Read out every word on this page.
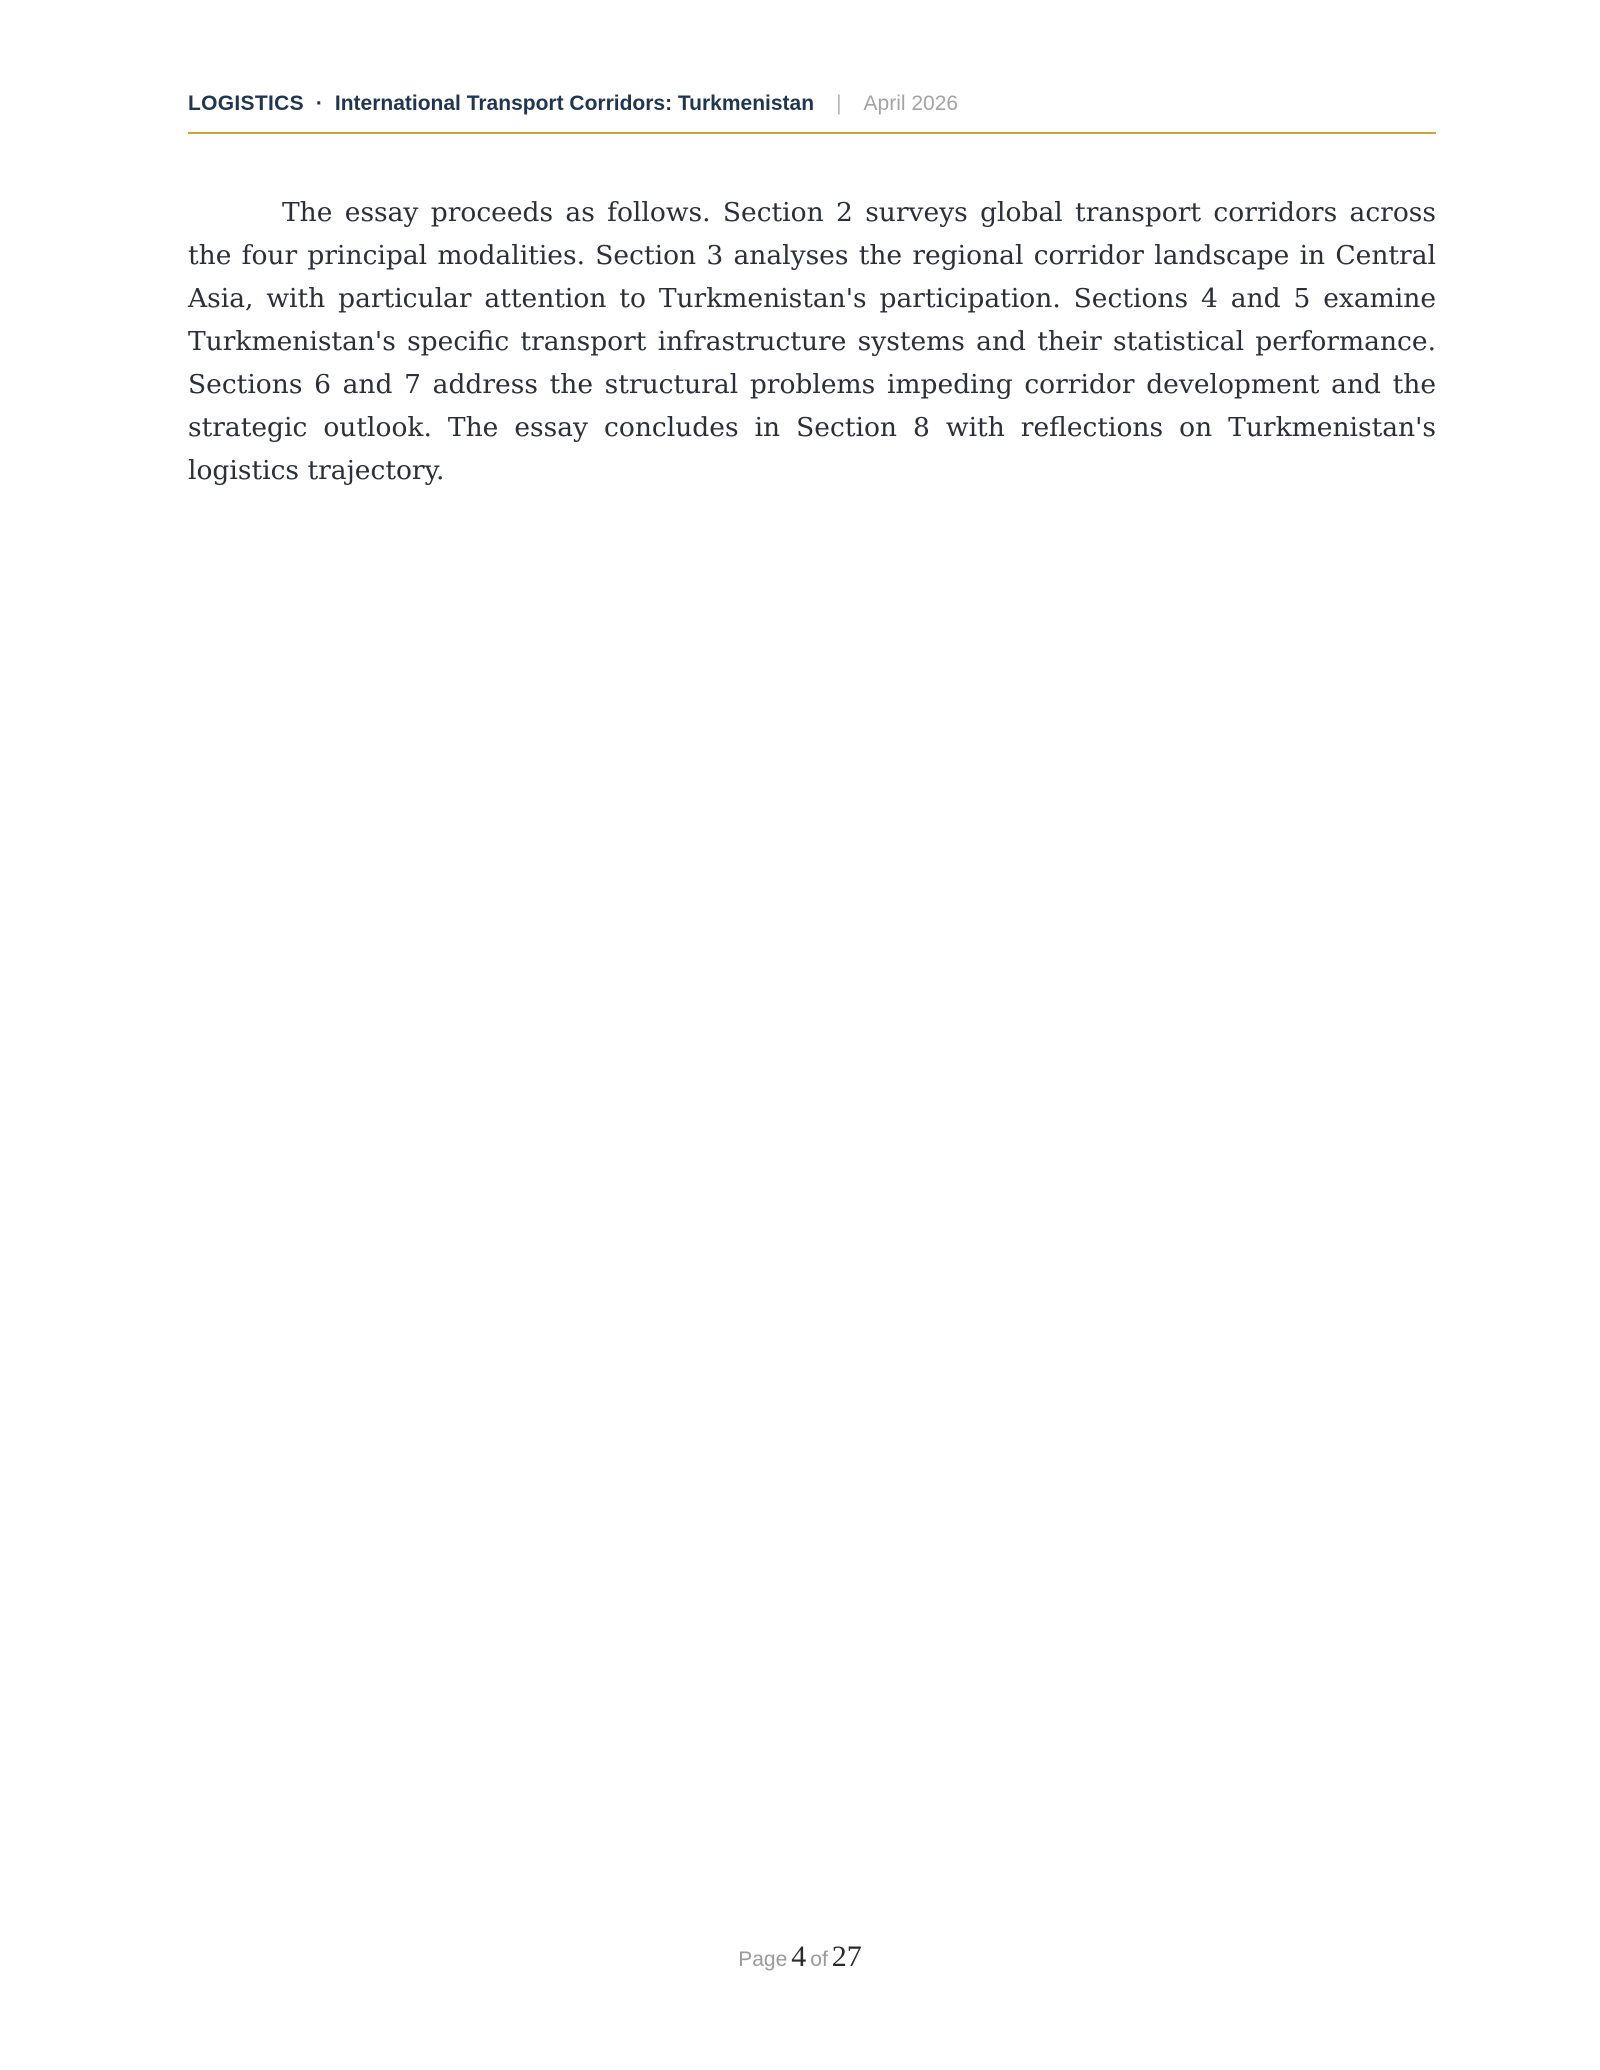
LOGISTICS · International Transport Corridors: Turkmenistan | April 2026

The essay proceeds as follows. Section 2 surveys global transport corridors across the four principal modalities. Section 3 analyses the regional corridor landscape in Central Asia, with particular attention to Turkmenistan's participation. Sections 4 and 5 examine Turkmenistan's specific transport infrastructure systems and their statistical performance. Sections 6 and 7 address the structural problems impeding corridor development and the strategic outlook. The essay concludes in Section 8 with reflections on Turkmenistan's logistics trajectory.

Page 4 of 27
